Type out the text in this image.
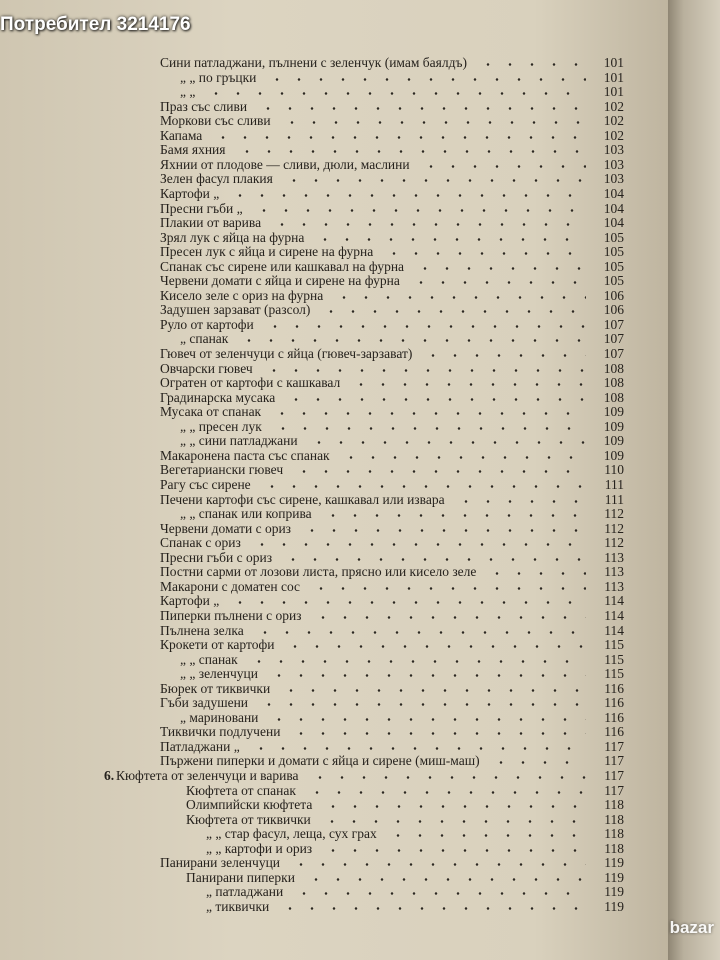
Сини патладжани, пълнени с зеленчук (имам баялдъ)	101
„ „ по гръцки	101
„ „	101
Праз със сливи	102
Моркови със сливи	102
Капама	102
Бамя яхния	103
Яхнии от плодове — сливи, дюли, маслини	103
Зелен фасул плакия	103
Картофи „	104
Пресни гъби „	104
Плакии от варива	104
Зрял лук с яйца на фурна	105
Пресен лук с яйца и сирене на фурна	105
Спанак със сирене или кашкавал на фурна	105
Червени домати с яйца и сирене на фурна	105
Кисело зеле с ориз на фурна	106
Задушен зарзават (разсол)	106
Руло от картофи	107
„ спанак	107
Гювеч от зеленчуци с яйца (гювеч-зарзават)	107
Овчарски гювеч	108
Огратен от картофи с кашкавал	108
Градинарска мусака	108
Мусака от спанак	109
„ „ пресен лук	109
„ „ сини патладжани	109
Макаронена паста със спанак	109
Вегетариански гювеч	110
Рагу със сирене	111
Печени картофи със сирене, кашкавал или извара	111
„ „ спанак или коприва	112
Червени домати с ориз	112
Спанак с ориз	112
Пресни гъби с ориз	113
Постни сарми от лозови листа, прясно или кисело зеле	113
Макарони с доматен сос	113
Картофи „	114
Пиперки пълнени с ориз	114
Пълнена зелка	114
Крокети от картофи	115
„ „ спанак	115
„ „ зеленчуци	115
Бюрек от тиквички	116
Гъби задушени	116
„ мариновани	116
Тиквички подлучени	116
Патладжани „	117
Пържени пиперки и домати с яйца и сирене (миш-маш)	117
6. Кюфтета от зеленчуци и варива	117
Кюфтета от спанак	117
Олимпийски кюфтета	118
Кюфтета от тиквички	118
„ „ стар фасул, леща, сух грах	118
„ „ картофи и ориз	118
Панирани зеленчуци	119
Панирани пиперки	119
„ патладжани	119
„ тиквички	119
Потребител 3214176
bazar
